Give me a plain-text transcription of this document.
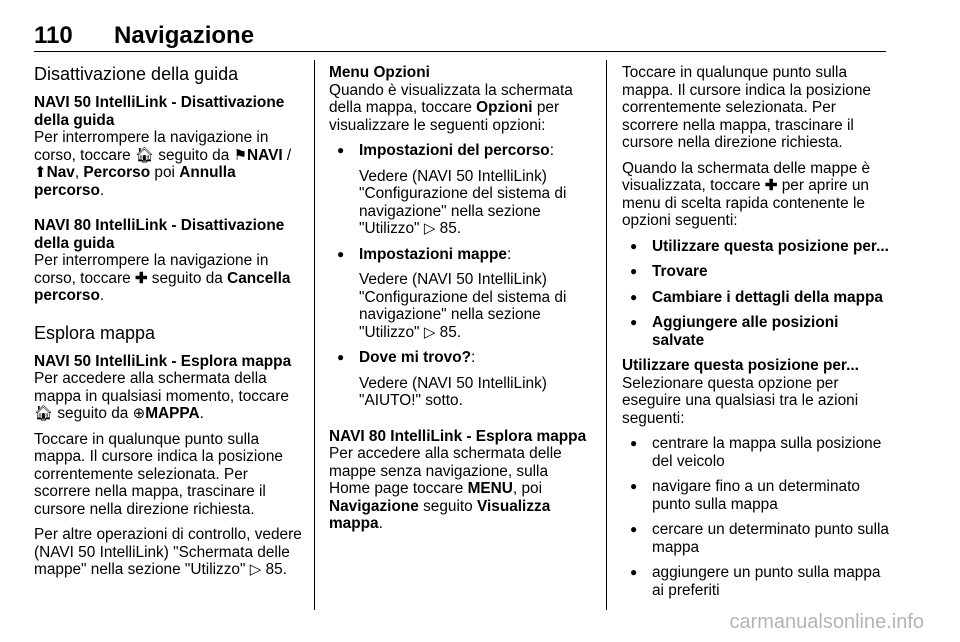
110 Navigazione
Disattivazione della guida
NAVI 50 IntelliLink - Disattivazione della guida

Per interrompere la navigazione in corso, toccare 🏠︎ seguito da ⚑NAVI / ⬆Nav, Percorso poi Annulla percorso.

NAVI 80 IntelliLink - Disattivazione della guida

Per interrompere la navigazione in corso, toccare ✚ seguito da Cancella percorso.

Esplora mappa
NAVI 50 IntelliLink - Esplora mappa

Per accedere alla schermata della mappa in qualsiasi momento, toccare 🏠︎ seguito da ⊕MAPPA.

Toccare in qualunque punto sulla mappa. Il cursore indica la posizione correntemente selezionata. Per scorrere nella mappa, trascinare il cursore nella direzione richiesta.

Per altre operazioni di controllo, vedere (NAVI 50 IntelliLink) "Schermata delle mappe" nella sezione "Utilizzo" ▷ 85.

Menu Opzioni

Quando è visualizzata la schermata della mappa, toccare Opzioni per visualizzare le seguenti opzioni:

● Impostazioni del percorso:
Vedere (NAVI 50 IntelliLink) "Configurazione del sistema di navigazione" nella sezione "Utilizzo" ▷ 85.
● Impostazioni mappe:
Vedere (NAVI 50 IntelliLink) "Configurazione del sistema di navigazione" nella sezione "Utilizzo" ▷ 85.
● Dove mi trovo?:
Vedere (NAVI 50 IntelliLink) "AIUTO!" sotto.
NAVI 80 IntelliLink - Esplora mappa

Per accedere alla schermata delle mappe senza navigazione, sulla Home page toccare MENU, poi Navigazione seguito Visualizza mappa.

Toccare in qualunque punto sulla mappa. Il cursore indica la posizione correntemente selezionata. Per scorrere nella mappa, trascinare il cursore nella direzione richiesta.

Quando la schermata delle mappe è visualizzata, toccare ✚ per aprire un menu di scelta rapida contenente le opzioni seguenti:

● Utilizzare questa posizione per...
● Trovare
● Cambiare i dettagli della mappa
● Aggiungere alle posizioni salvate
Utilizzare questa posizione per...

Selezionare questa opzione per eseguire una qualsiasi tra le azioni seguenti:

● centrare la mappa sulla posizione del veicolo
● navigare fino a un determinato punto sulla mappa
● cercare un determinato punto sulla mappa
● aggiungere un punto sulla mappa ai preferiti
carmanualsonline.info
